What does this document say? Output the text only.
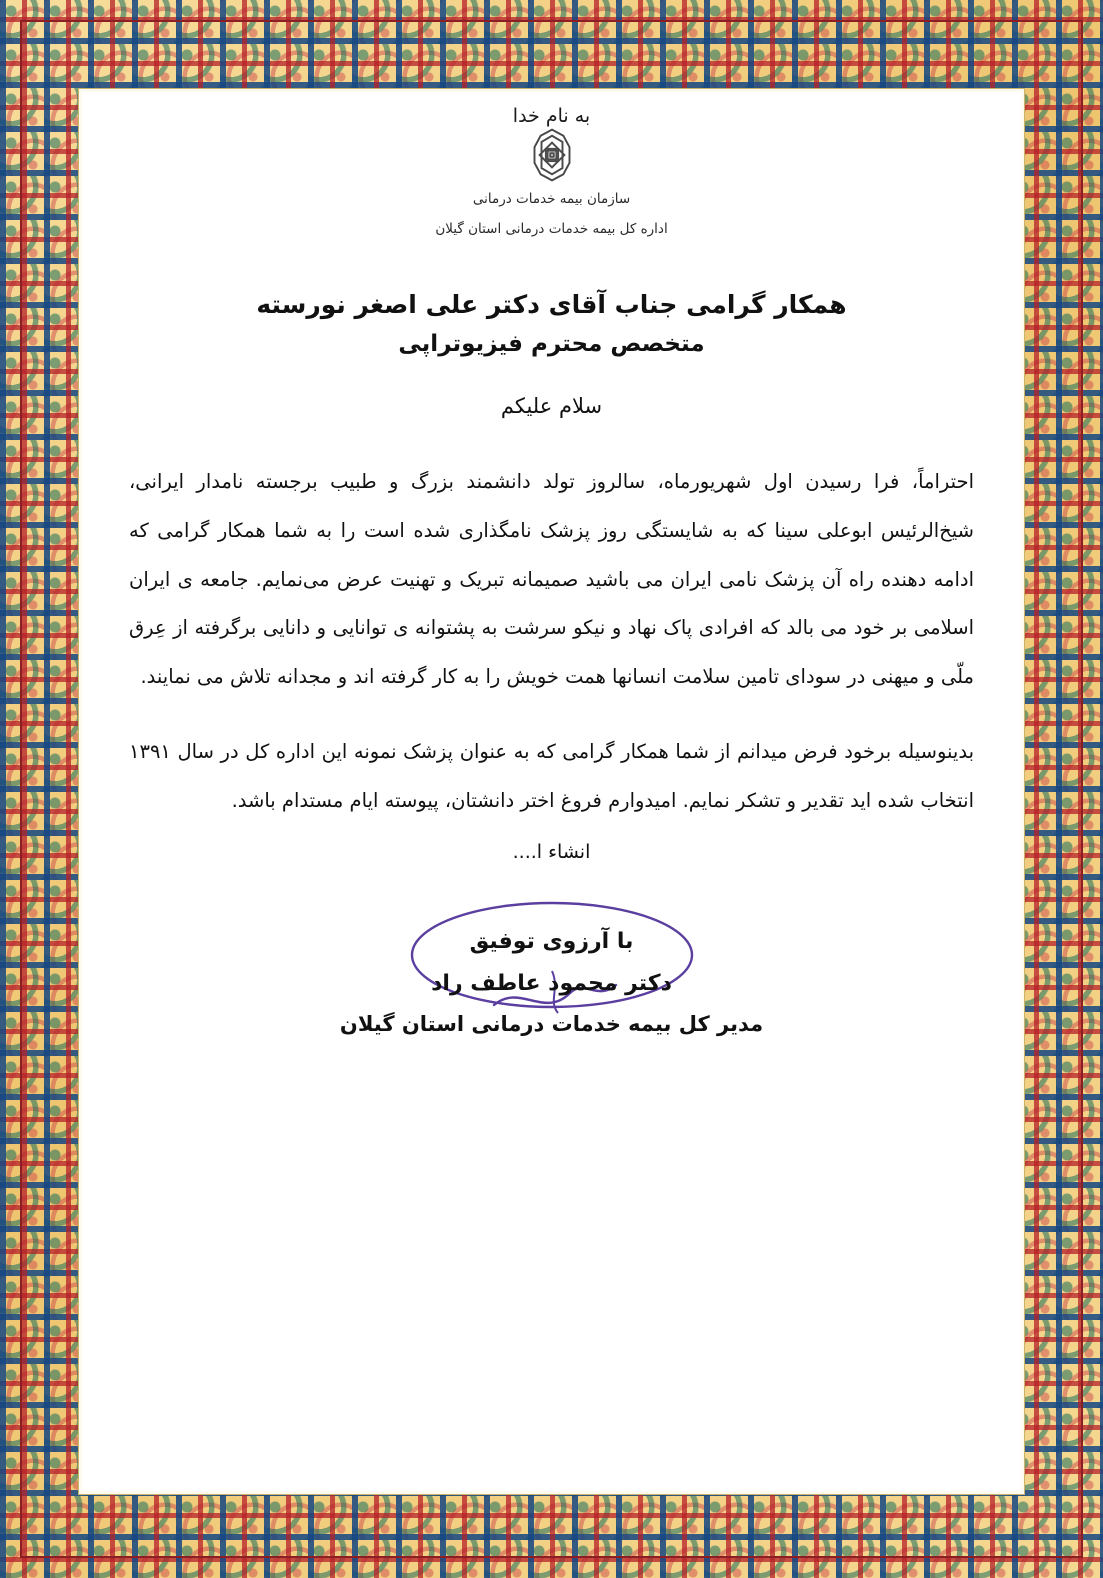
به نام خدا
سازمان بیمه خدمات درمانی
اداره کل بیمه خدمات درمانی استان گیلان
همکار گرامی جناب آقای دکتر علی اصغر نورسته
متخصص محترم فیزیوتراپی
سلام علیکم

احتراماً، فرا رسیدن اول شهریورماه، سالروز تولد دانشمند بزرگ و طبیب برجسته نامدار ایرانی، شیخ‌الرئیس ابوعلی سینا که به شایستگی روز پزشک نامگذاری شده است را به شما همکار گرامی که ادامه دهنده راه آن پزشک نامی ایران می باشید صمیمانه تبریک و تهنیت عرض می‌نمایم. جامعه ی ایران اسلامی بر خود می بالد که افرادی پاک نهاد و نیکو سرشت به پشتوانه ی توانایی و دانایی برگرفته از عِرق ملّی و میهنی در سودای تامین سلامت انسانها همت خویش را به کار گرفته اند و مجدانه تلاش می نمایند.

بدینوسیله برخود فرض میدانم از شما همکار گرامی که به عنوان پزشک نمونه این اداره کل در سال ۱۳۹۱ انتخاب شده اید تقدیر و تشکر نمایم. امیدوارم فروغ اختر دانشتان، پیوسته ایام مستدام باشد.

انشاء ا....
با آرزوی توفیق
دکتر محمود عاطف راد
مدیر کل بیمه خدمات درمانی استان گیلان
